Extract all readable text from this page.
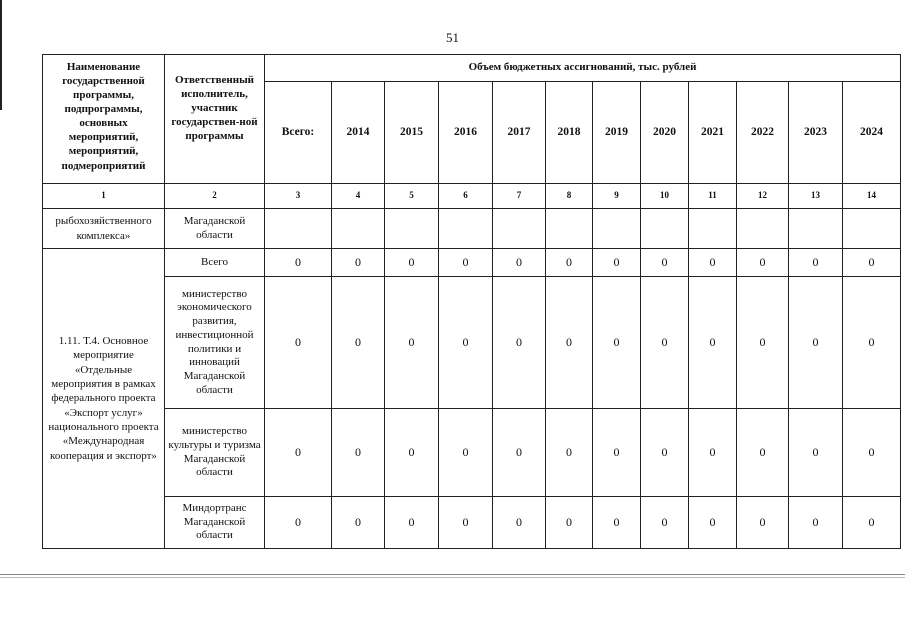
51
Наименование государственной программы, подпрограммы, основных мероприятий, мероприятий, подмероприятий	Ответственный исполнитель, участник государствен-ной программы	Объем бюджетных ассигнований, тыс. рублей											
		Всего:	2014	2015	2016	2017	2018	2019	2020	2021	2022	2023	2024
1	2	3	4	5	6	7	8	9	10	11	12	13	14
рыбохозяйственного комплекса»	Магаданской области												
1.11. Т.4. Основное мероприятие «Отдельные мероприятия в рамках федерального проекта «Экспорт услуг» национального проекта «Международная кооперация и экспорт»	Всего	0	0	0	0	0	0	0	0	0	0	0	0
	министерство экономического развития, инвестиционной политики и инноваций Магаданской области	0	0	0	0	0	0	0	0	0	0	0	0
	министерство культуры и туризма Магаданской области	0	0	0	0	0	0	0	0	0	0	0	0
	Миндортранс Магаданской области	0	0	0	0	0	0	0	0	0	0	0	0
